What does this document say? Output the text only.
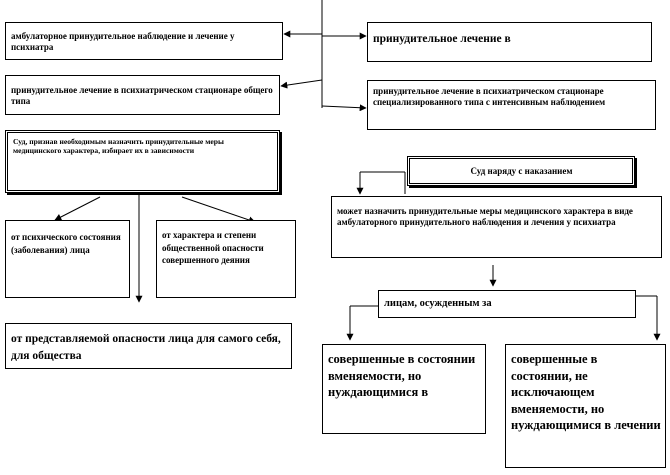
амбулаторное принудительное наблюдение и лечение у психиатра
принудительное лечение в
принудительное лечение в психиатрическом стационаре общего типа
принудительное лечение в психиатрическом стационаре специализированного типа с интенсивным наблюдением
Суд, признав необходимым назначить принудительные меры медицинского характера, избирает их в зависимости
от психического состояния (заболевания) лица
от характера и степени общественной опасности совершенного деяния
от представляемой опасности лица для самого себя, для общества
Суд наряду с наказанием
может назначить принудительные меры медицинского характера в виде амбулаторного принудительного наблюдения и лечения у психиатра
лицам, осужденным за
совершенные в состоянии вменяемости, но нуждающимися в
совершенные в состоянии, не исключающем вменяемости, но нуждающимися в лечении
